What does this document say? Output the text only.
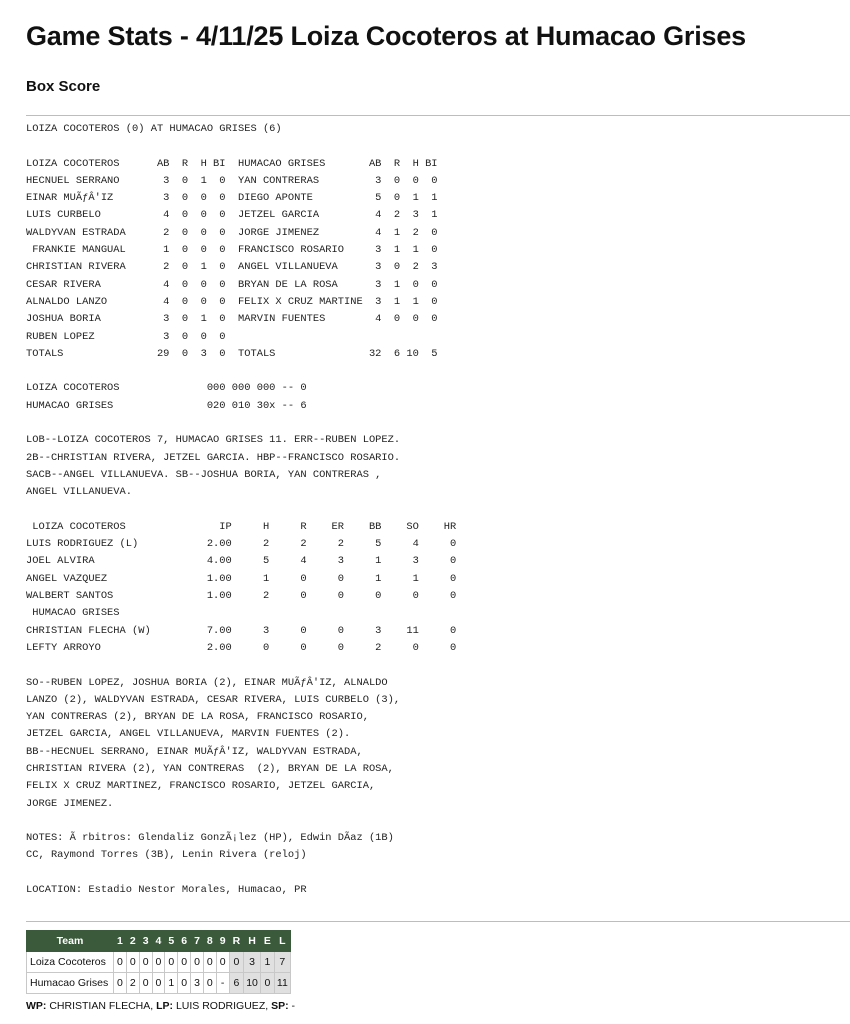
Game Stats - 4/11/25 Loiza Cocoteros at Humacao Grises
Box Score
LOIZA COCOTEROS (0) AT HUMACAO GRISES (6)

LOIZA COCOTEROS      AB  R  H BI  HUMACAO GRISES       AB  R  H BI
HECNUEL SERRANO       3  0  1  0  YAN CONTRERAS         3  0  0  0
EINAR MUÃƒÂ'IZ        3  0  0  0  DIEGO APONTE          5  0  1  1
LUIS CURBELO          4  0  0  0  JETZEL GARCIA         4  2  3  1
WALDYVAN ESTRADA      2  0  0  0  JORGE JIMENEZ         4  1  2  0
FRANKIE MANGUAL      1  0  0  0  FRANCISCO ROSARIO     3  1  1  0
CHRISTIAN RIVERA      2  0  1  0  ANGEL VILLANUEVA      3  0  2  3
CESAR RIVERA          4  0  0  0  BRYAN DE LA ROSA      3  1  0  0
ALNALDO LANZO         4  0  0  0  FELIX X CRUZ MARTINE  3  1  1  0
JOSHUA BORIA          3  0  1  0  MARVIN FUENTES        4  0  0  0
RUBEN LOPEZ           3  0  0  0
TOTALS               29  0  3  0  TOTALS               32  6 10  5

LOIZA COCOTEROS              000 000 000 -- 0
HUMACAO GRISES               020 010 30x -- 6

LOB--LOIZA COCOTEROS 7, HUMACAO GRISES 11. ERR--RUBEN LOPEZ.
2B--CHRISTIAN RIVERA, JETZEL GARCIA. HBP--FRANCISCO ROSARIO.
SACB--ANGEL VILLANUEVA. SB--JOSHUA BORIA, YAN CONTRERAS ,
ANGEL VILLANUEVA.

LOIZA COCOTEROS               IP     H     R    ER    BB    SO    HR
LUIS RODRIGUEZ (L)           2.00     2     2     2     5     4     0
JOEL ALVIRA                  4.00     5     4     3     1     3     0
ANGEL VAZQUEZ                1.00     1     0     0     1     1     0
WALBERT SANTOS               1.00     2     0     0     0     0     0
HUMACAO GRISES
CHRISTIAN FLECHA (W)         7.00     3     0     0     3    11     0
LEFTY ARROYO                 2.00     0     0     0     2     0     0

SO--RUBEN LOPEZ, JOSHUA BORIA (2), EINAR MUÃƒÂ'IZ, ALNALDO
LANZO (2), WALDYVAN ESTRADA, CESAR RIVERA, LUIS CURBELO (3),
YAN CONTRERAS (2), BRYAN DE LA ROSA, FRANCISCO ROSARIO,
JETZEL GARCIA, ANGEL VILLANUEVA, MARVIN FUENTES (2).
BB--HECNUEL SERRANO, EINAR MUÃƒÂ'IZ, WALDYVAN ESTRADA,
CHRISTIAN RIVERA (2), YAN CONTRERAS  (2), BRYAN DE LA ROSA,
FELIX X CRUZ MARTINEZ, FRANCISCO ROSARIO, JETZEL GARCIA,
JORGE JIMENEZ.

NOTES: Ã rbitros: Glendaliz GonzÃ¡lez (HP), Edwin DÃaz (1B)
CC, Raymond Torres (3B), Lenin Rivera (reloj)

LOCATION: Estadio Nestor Morales, Humacao, PR
Team	1	2	3	4	5	6	7	8	9	R	H	E	L
Loiza Cocoteros	0	0	0	0	0	0	0	0	0	0	3	1	7
Humacao Grises	0	2	0	0	1	0	3	0	-	6	10	0	11
WP: CHRISTIAN FLECHA, LP: LUIS RODRIGUEZ, SP: -
